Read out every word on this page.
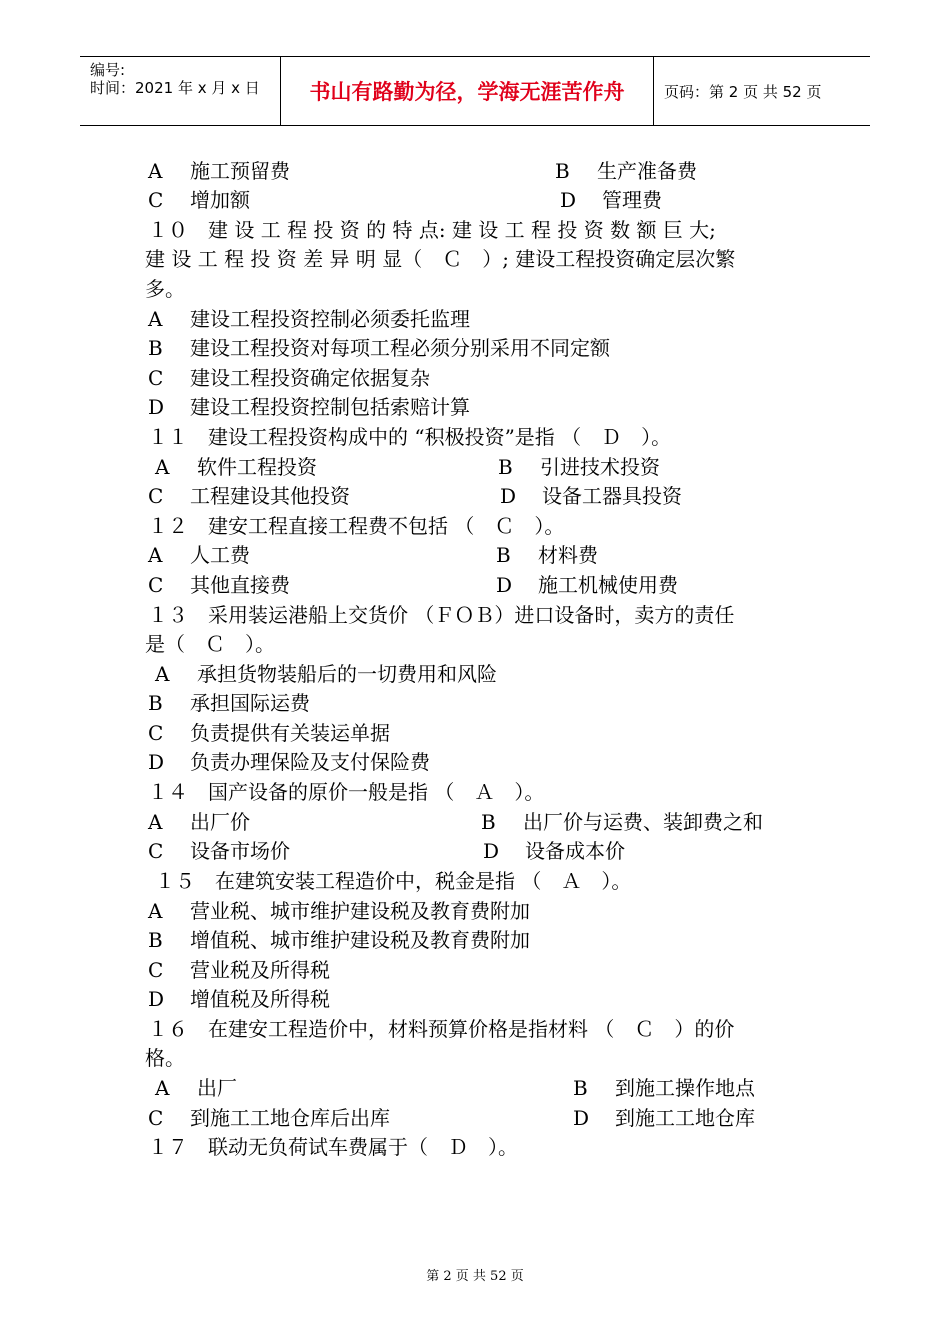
编号:
时间：2021 年 x 月 x 日	书山有路勤为径，学海无涯苦作舟	页码：第 2 页 共 52 页
A 施工预留费	B 生产准备费
C 增加额	D 管理费
１０　建 设 工 程 投 资 的 特 点: 建 设 工 程 投 资 数 额 巨 大;
建 设 工 程 投 资 差 异 明 显（　Ｃ　）; 建设工程投资确定层次繁
多。
A 建设工程投资控制必须委托监理
B 建设工程投资对每项工程必须分别采用不同定额
C 建设工程投资确定依据复杂
D 建设工程投资控制包括索赔计算
１１　建设工程投资构成中的 “积极投资”是指 （　Ｄ　）。
A 软件工程投资	B 引进技术投资
C 工程建设其他投资	D 设备工器具投资
１２　建安工程直接工程费不包括 （　Ｃ　）。
A 人工费	B 材料费
C 其他直接费	D 施工机械使用费
１３　采用装运港船上交货价 （ＦＯＢ）进口设备时，卖方的责任
是（　Ｃ　）。
A 承担货物装船后的一切费用和风险
B 承担国际运费
C 负责提供有关装运单据
D 负责办理保险及支付保险费
１４　国产设备的原价一般是指 （　Ａ　）。
A 出厂价	B 出厂价与运费、装卸费之和
C 设备市场价	D 设备成本价
１５　在建筑安装工程造价中，税金是指 （　Ａ　）。
A 营业税、城市维护建设税及教育费附加
B 增值税、城市维护建设税及教育费附加
C 营业税及所得税
D 增值税及所得税
１６　在建安工程造价中，材料预算价格是指材料 （　Ｃ　）的价
格。
A 出厂	B 到施工操作地点
C 到施工工地仓库后出库	D 到施工工地仓库
１７　联动无负荷试车费属于（　Ｄ　）。
第 2 页 共 52 页
